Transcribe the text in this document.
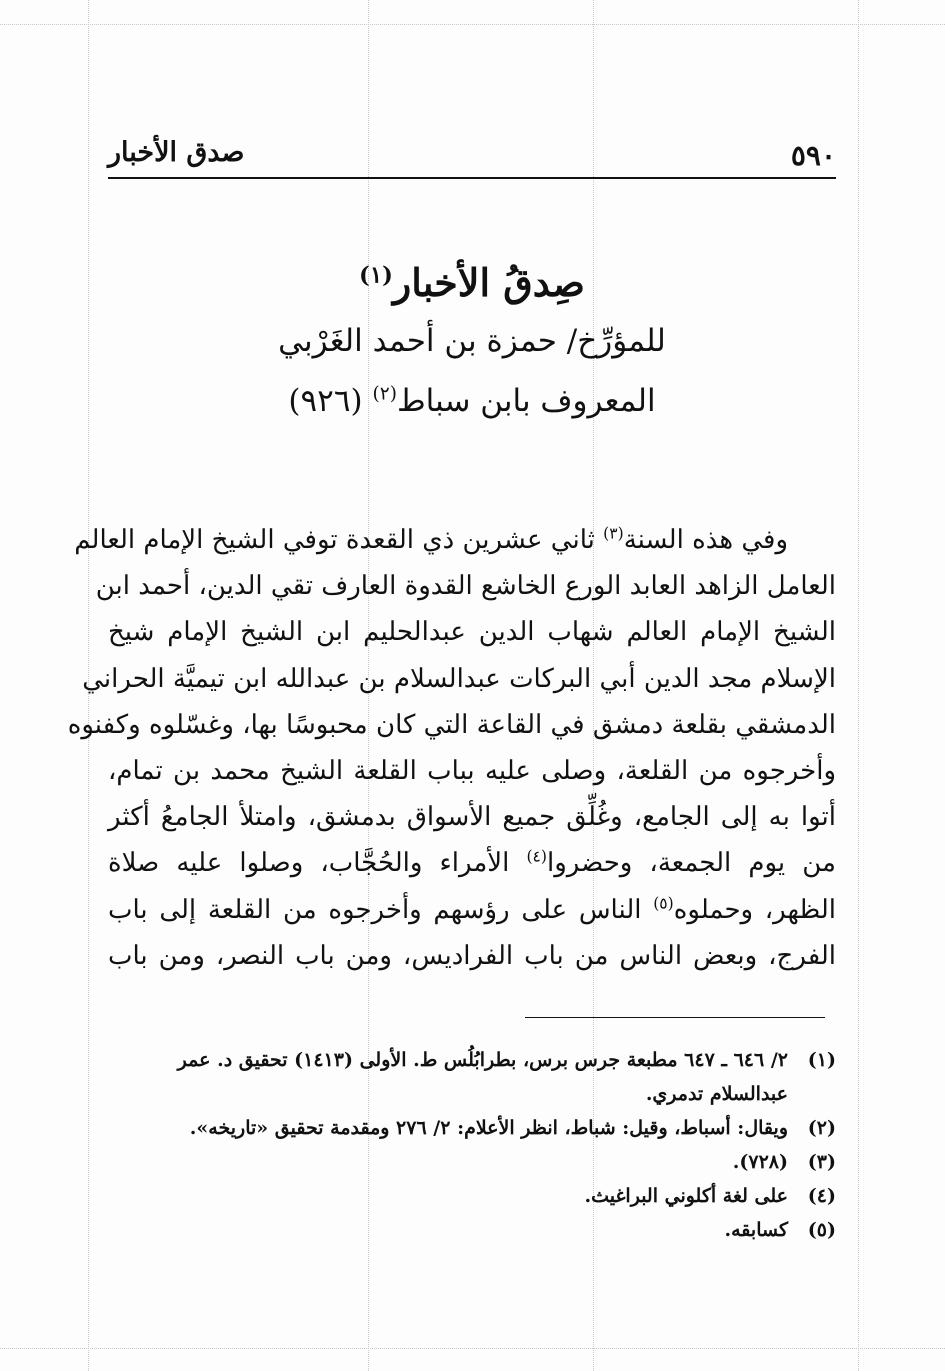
٥٩٠
صدق الأخبار
صِدقُ الأخبار$^{(١)}$
للمؤرِّخ/ حمزة بن أحمد الغَرْبي
المعروف بابن سباط$^{(٢)}$ (٩٢٦)
وفي هذه السنة$^{(٣)}$ ثاني عشرين ذي القعدة توفي الشيخ الإمام العالم
العامل الزاهد العابد الورع الخاشع القدوة العارف تقي الدين، أحمد ابن
الشيخ الإمام العالم شهاب الدين عبدالحليم ابن الشيخ الإمام شيخ
الإسلام مجد الدين أبي البركات عبدالسلام بن عبدالله ابن تيميَّة الحراني
الدمشقي بقلعة دمشق في القاعة التي كان محبوسًا بها، وغسّلوه وكفنوه
وأخرجوه من القلعة، وصلى عليه بباب القلعة الشيخ محمد بن تمام،
أتوا به إلى الجامع، وغُلِّق جميع الأسواق بدمشق، وامتلأ الجامعُ أكثر
من يوم الجمعة، وحضروا$^{(٤)}$ الأمراء والحُجَّاب، وصلوا عليه صلاة
الظهر، وحملوه$^{(٥)}$ الناس على رؤسهم وأخرجوه من القلعة إلى باب
الفرج، وبعض الناس من باب الفراديس، ومن باب النصر، ومن باب
(١)
٢/ ٦٤٦ ـ ٦٤٧ مطبعة جرس برس، بطرابُلُس ط. الأولى (١٤١٣) تحقيق د. عمر عبدالسلام تدمري.
(٢)
ويقال: أسباط، وقيل: شباط، انظر الأعلام: ٢/ ٢٧٦ ومقدمة تحقيق «تاريخه».
(٣)
(٧٢٨).
(٤)
على لغة أكلوني البراغيث.
(٥)
كسابقه.
